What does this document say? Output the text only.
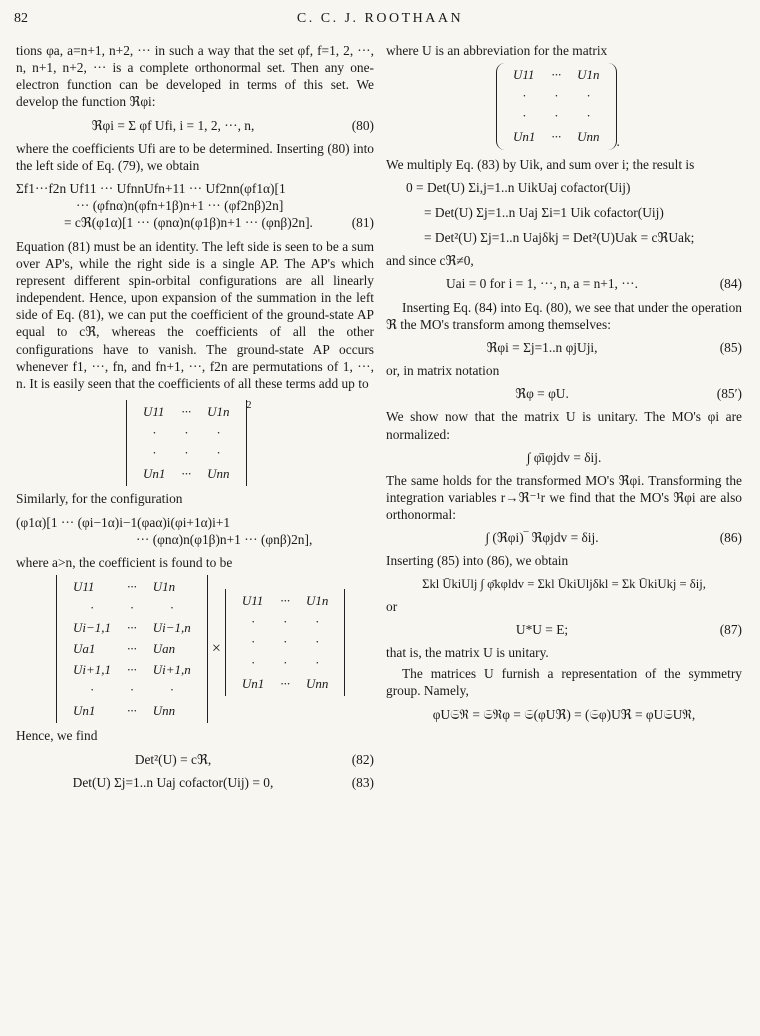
82	C. C. J. ROOTHAAN

tions φa, a=n+1, n+2, ··· in such a way that the set φf, f=1, 2, ···, n, n+1, n+2, ··· is a complete orthonormal set. Then any one-electron function can be developed in terms of this set. We develop the function ℜφi:

ℜφi = Σ φf Ufi, i = 1, 2, ···, n,	(80)

where the coefficients Ufi are to be determined. Inserting (80) into the left side of Eq. (79), we obtain

Σf1···f2n Uf11 ··· UfnnUfn+11 ··· Uf2nn(φf1α)[1
··· (φfnα)n(φfn+1β)n+1 ··· (φf2nβ)2n]
= cℜ(φ1α)[1 ··· (φnα)n(φ1β)n+1 ··· (φnβ)2n].	(81)

Equation (81) must be an identity. The left side is seen to be a sum over AP's, while the right side is a single AP. The AP's which represent different spin-orbital configurations are all linearly independent. Hence, upon expansion of the summation in the left side of Eq. (81), we can put the coefficient of the ground-state AP equal to cℜ, whereas the coefficients of all the other configurations have to vanish. The ground-state AP occurs whenever f1, ···, fn, and fn+1, ···, f2n are permutations of 1, ···, n. It is easily seen that the coefficients of all these terms add up to

U11	···	U1n
·	·	·
·	·	·
Un1	···	Unn
2

Similarly, for the configuration

(φ1α)[1 ··· (φi−1α)i−1(φaα)i(φi+1α)i+1
··· (φnα)n(φ1β)n+1 ··· (φnβ)2n],

where a>n, the coefficient is found to be

U11	···	U1n
·	·	·
Ui−1,1	···	Ui−1,n
Ua1	···	Uan
Ui+1,1	···	Ui+1,n
·	·	·
Un1	···	Unn
×
U11	···	U1n
·	·	·
·	·	·
·	·	·
Un1	···	Unn

Hence, we find

Det²(U) = cℜ,	(82)
Det(U) Σj=1..n Uaj cofactor(Uij) = 0,	(83)

where U is an abbreviation for the matrix

U11	···	U1n
·	·	·
·	·	·
Un1	···	Unn .

We multiply Eq. (83) by Uik, and sum over i; the result is

0 = Det(U) Σi,j=1..n UikUaj cofactor(Uij)
= Det(U) Σj=1..n Uaj Σi=1 Uik cofactor(Uij)
= Det²(U) Σj=1..n Uajδkj = Det²(U)Uak = cℜUak;

and since cℜ≠0,

Uai = 0 for i = 1, ···, n, a = n+1, ···.	(84)

Inserting Eq. (84) into Eq. (80), we see that under the operation ℜ the MO's transform among themselves:

ℜφi = Σj=1..n φjUji,	(85)

or, in matrix notation

ℜφ = φU.	(85′)

We show now that the matrix U is unitary. The MO's φi are normalized:

∫ φ̄iφjdv = δij.

The same holds for the transformed MO's ℜφi. Transforming the integration variables r→ℜ⁻¹r we find that the MO's ℜφi are also orthonormal:

∫ (ℜφi)‾ ℜφjdv = δij.	(86)

Inserting (85) into (86), we obtain

Σkl ŪkiUlj ∫ φ̄kφldv = Σkl ŪkiUljδkl = Σk ŪkiUkj = δij,

or

U*U = E;	(87)

that is, the matrix U is unitary.

The matrices U furnish a representation of the symmetry group. Namely,

φU𝔖ℜ = 𝔖ℜφ = 𝔖(φUℜ) = (𝔖φ)Uℜ = φU𝔖Uℜ,
